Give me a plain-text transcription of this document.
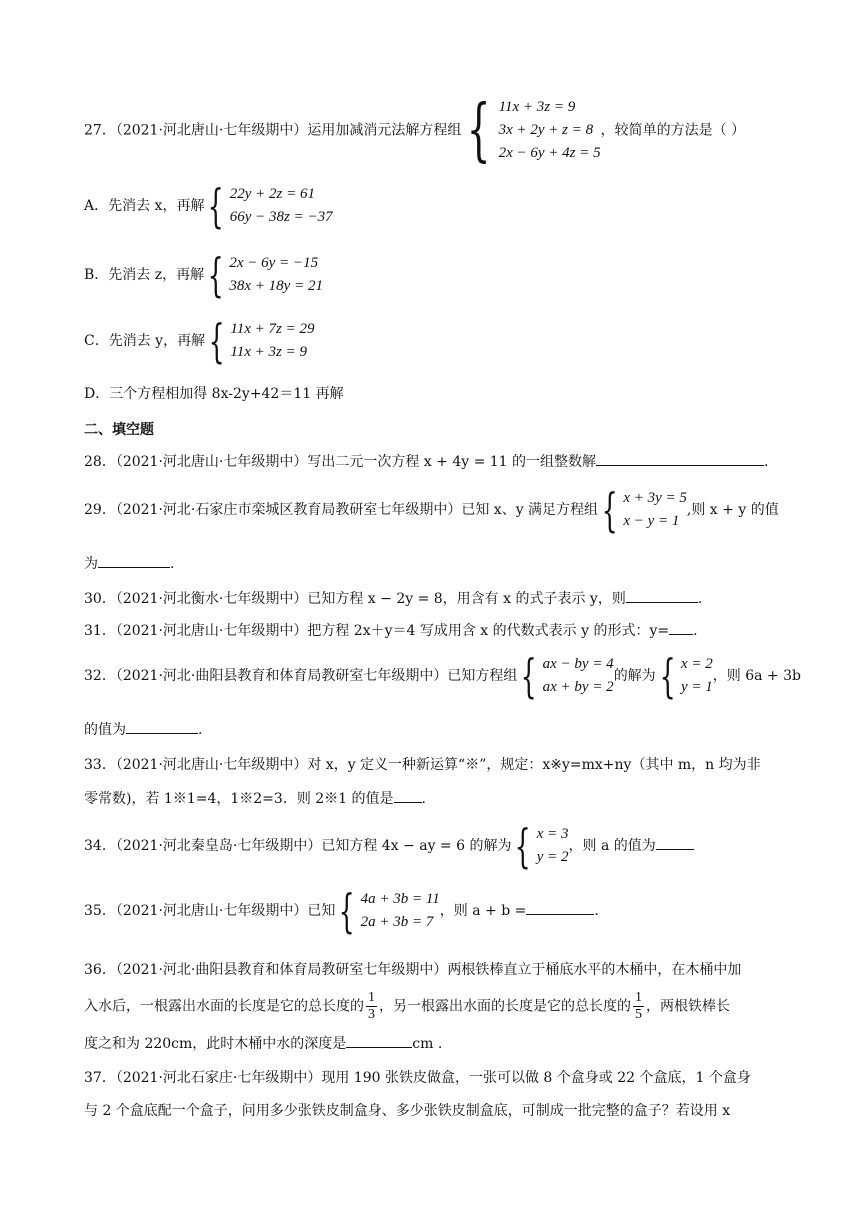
27．（2021·河北唐山·七年级期中）运用加减消元法解方程组 { 11x + 3z = 9
3x + 2y + z = 8
2x − 6y + 4z = 5
，较简单的方法是（ ）
A．先消去 x，再解 { 22y + 2z = 61
66y − 38z = −37
B．先消去 z，再解 { 2x − 6y = −15
38x + 18y = 21
C．先消去 y，再解 { 11x + 7z = 29
11x + 3z = 9
D．三个方程相加得 8x-2y+42＝11 再解
二、填空题
28．（2021·河北唐山·七年级期中）写出二元一次方程 x + 4y = 11 的一组整数解	.
29．（2021·河北·石家庄市栾城区教育局教研室七年级期中）已知 x、y 满足方程组 { x + 3y = 5
x − y = 1
,则 x + y 的值
为	.
30．（2021·河北衡水·七年级期中）已知方程 x − 2y = 8，用含有 x 的式子表示 y，则	.
31．（2021·河北唐山·七年级期中）把方程 2x＋y＝4 写成用含 x 的代数式表示 y 的形式：y= .
32．（2021·河北·曲阳县教育和体育局教研室七年级期中）已知方程组 { ax − by = 4
ax + by = 2
的解为 { x = 2
y = 1
，则 6a + 3b
的值为	.
33．（2021·河北唐山·七年级期中）对 x，y 定义一种新运算“※”，规定：x※y=mx+ny（其中 m，n 均为非
零常数)，若 1※1=4，1※2=3．则 2※1 的值是 .
34．（2021·河北秦皇岛·七年级期中）已知方程 4x − ay = 6 的解为 { x = 3
y = 2
，则 a 的值为
35．（2021·河北唐山·七年级期中）已知 { 4a + 3b = 11
2a + 3b = 7
，则 a + b =	.
36．（2021·河北·曲阳县教育和体育局教研室七年级期中）两根铁棒直立于桶底水平的木桶中，在木桶中加
入水后，一根露出水面的长度是它的总长度的 $\frac{1}{3}$ ，另一根露出水面的长度是它的总长度的 $\frac{1}{5}$ ，两根铁棒长
度之和为 220cm，此时木桶中水的深度是	cm .
37．（2021·河北石家庄·七年级期中）现用 190 张铁皮做盒，一张可以做 8 个盒身或 22 个盒底，1 个盒身
与 2 个盒底配一个盒子，问用多少张铁皮制盒身、多少张铁皮制盒底，可制成一批完整的盒子？若设用 x
